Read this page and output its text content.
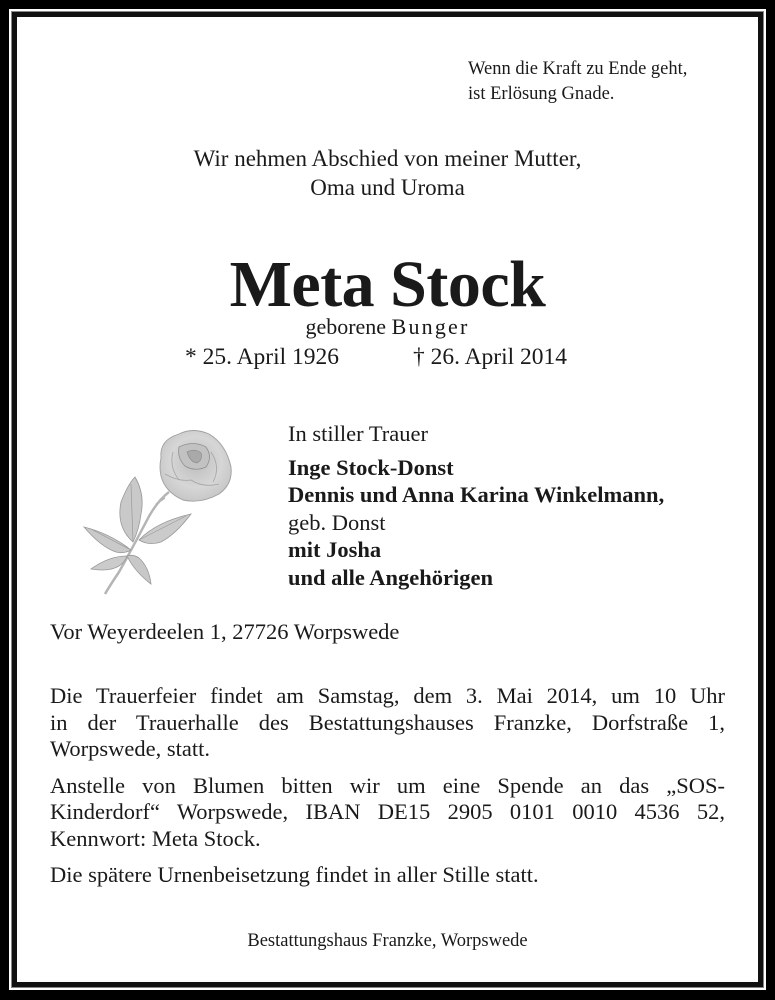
Wenn die Kraft zu Ende geht,
ist Erlösung Gnade.
Wir nehmen Abschied von meiner Mutter,
Oma und Uroma
Meta Stock
geborene Bunger
* 25. April 1926	† 26. April 2014
In stiller Trauer
Inge Stock-Donst
Dennis und Anna Karina Winkelmann,
geb. Donst
mit Josha
und alle Angehörigen
Vor Weyerdeelen 1, 27726 Worpswede

Die Trauerfeier findet am Samstag, dem 3. Mai 2014, um 10 Uhr
in der Trauerhalle des Bestattungshauses Franzke, Dorfstraße 1,
Worpswede, statt.

Anstelle von Blumen bitten wir um eine Spende an das „SOS-
Kinderdorf“ Worpswede, IBAN DE15 2905 0101 0010 4536 52,
Kennwort: Meta Stock.

Die spätere Urnenbeisetzung findet in aller Stille statt.

Bestattungshaus Franzke, Worpswede
